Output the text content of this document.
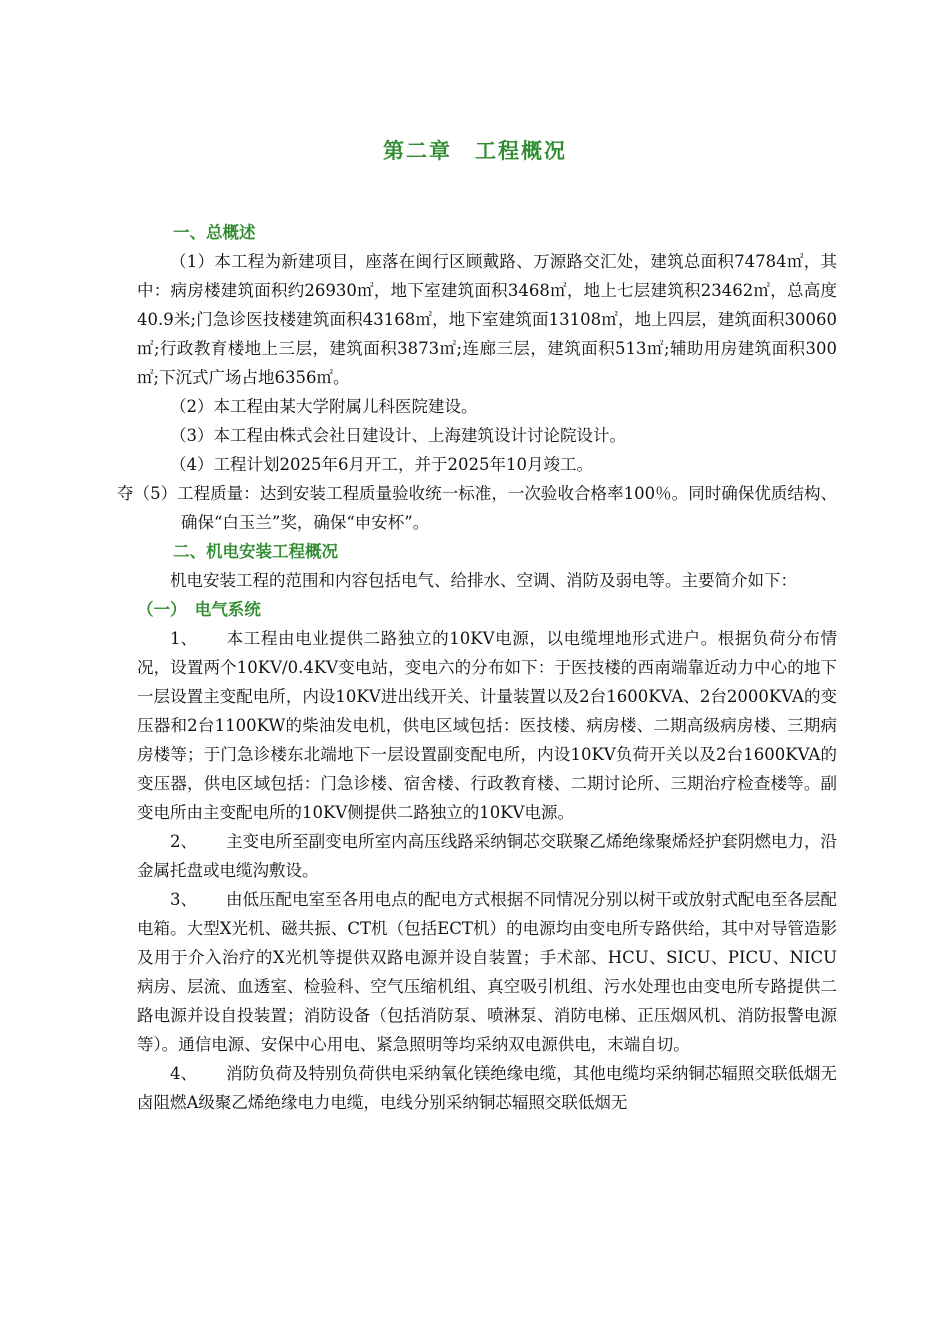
第二章　工程概况

一、总概述

（1）本工程为新建项目，座落在闽行区顾戴路、万源路交汇处，建筑总面积74784㎡，其中：病房楼建筑面积约26930㎡，地下室建筑面积3468㎡，地上七层建筑积23462㎡，总高度40.9米;门急诊医技楼建筑面积43168㎡，地下室建筑面13108㎡，地上四层，建筑面积30060㎡;行政教育楼地上三层，建筑面积3873㎡;连廊三层，建筑面积513㎡;辅助用房建筑面积300㎡;下沉式广场占地6356㎡。

（2）本工程由某大学附属儿科医院建设。

（3）本工程由株式会社日建设计、上海建筑设计讨论院设计。

（4）工程计划2025年6月开工，并于2025年10月竣工。

夺（5）工程质量：达到安装工程质量验收统一标准，一次验收合格率100％。同时确保优质结构、确保“白玉兰”奖，确保“申安杯”。

二、机电安装工程概况

机电安装工程的范围和内容包括电气、给排水、空调、消防及弱电等。主要简介如下：

（一）　电气系统

1、 本工程由电业提供二路独立的10KV电源，以电缆埋地形式进户。根据负荷分布情况，设置两个10KV/0.4KV变电站，变电六的分布如下：于医技楼的西南端靠近动力中心的地下一层设置主变配电所，内设10KV进出线开关、计量装置以及2台1600KVA、2台2000KVA的变压器和2台1100KW的柴油发电机，供电区域包括：医技楼、病房楼、二期高级病房楼、三期病房楼等；于门急诊楼东北端地下一层设置副变配电所，内设10KV负荷开关以及2台1600KVA的变压器，供电区域包括：门急诊楼、宿舍楼、行政教育楼、二期讨论所、三期治疗检查楼等。副变电所由主变配电所的10KV侧提供二路独立的10KV电源。

2、 主变电所至副变电所室内高压线路采纳铜芯交联聚乙烯绝缘聚烯烃护套阴燃电力，沿金属托盘或电缆沟敷设。

3、 由低压配电室至各用电点的配电方式根据不同情况分别以树干或放射式配电至各层配电箱。大型X光机、磁共振、CT机（包括ECT机）的电源均由变电所专路供给，其中对导管造影及用于介入治疗的X光机等提供双路电源并设自装置；手术部、HCU、SICU、PICU、NICU病房、层流、血透室、检验科、空气压缩机组、真空吸引机组、污水处理也由变电所专路提供二路电源并设自投装置；消防设备（包括消防泵、喷淋泵、消防电梯、正压烟风机、消防报警电源等）。通信电源、安保中心用电、紧急照明等均采纳双电源供电，末端自切。

4、 消防负荷及特别负荷供电采纳氧化镁绝缘电缆，其他电缆均采纳铜芯辐照交联低烟无卤阻燃A级聚乙烯绝缘电力电缆，电线分别采纳铜芯辐照交联低烟无
